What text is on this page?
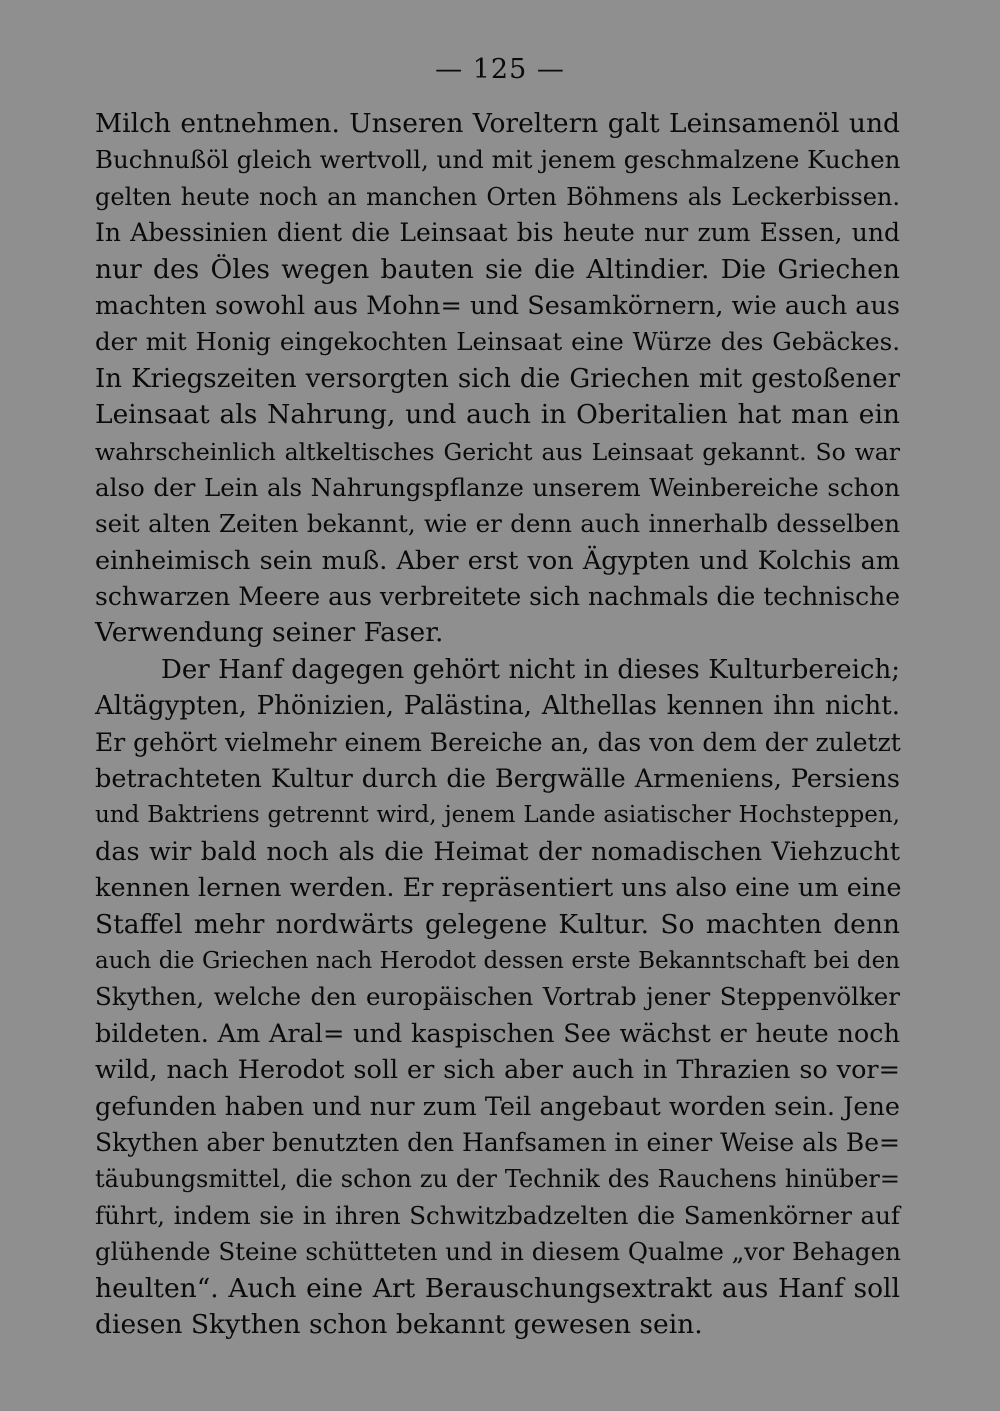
— 125 —
Milch entnehmen. Unseren Voreltern galt Leinsamenöl und
Buchnußöl gleich wertvoll, und mit jenem geschmalzene Kuchen
gelten heute noch an manchen Orten Böhmens als Leckerbissen.
In Abessinien dient die Leinsaat bis heute nur zum Essen, und
nur des Öles wegen bauten sie die Altindier. Die Griechen
machten sowohl aus Mohn= und Sesamkörnern, wie auch aus
der mit Honig eingekochten Leinsaat eine Würze des Gebäckes.
In Kriegszeiten versorgten sich die Griechen mit gestoßener
Leinsaat als Nahrung, und auch in Oberitalien hat man ein
wahrscheinlich altkeltisches Gericht aus Leinsaat gekannt. So war
also der Lein als Nahrungspflanze unserem Weinbereiche schon
seit alten Zeiten bekannt, wie er denn auch innerhalb desselben
einheimisch sein muß. Aber erst von Ägypten und Kolchis am
schwarzen Meere aus verbreitete sich nachmals die technische
Verwendung seiner Faser.
Der Hanf dagegen gehört nicht in dieses Kulturbereich;
Altägypten, Phönizien, Palästina, Althellas kennen ihn nicht.
Er gehört vielmehr einem Bereiche an, das von dem der zuletzt
betrachteten Kultur durch die Bergwälle Armeniens, Persiens
und Baktriens getrennt wird, jenem Lande asiatischer Hochsteppen,
das wir bald noch als die Heimat der nomadischen Viehzucht
kennen lernen werden. Er repräsentiert uns also eine um eine
Staffel mehr nordwärts gelegene Kultur. So machten denn
auch die Griechen nach Herodot dessen erste Bekanntschaft bei den
Skythen, welche den europäischen Vortrab jener Steppenvölker
bildeten. Am Aral= und kaspischen See wächst er heute noch
wild, nach Herodot soll er sich aber auch in Thrazien so vor=
gefunden haben und nur zum Teil angebaut worden sein. Jene
Skythen aber benutzten den Hanfsamen in einer Weise als Be=
täubungsmittel, die schon zu der Technik des Rauchens hinüber=
führt, indem sie in ihren Schwitzbadzelten die Samenkörner auf
glühende Steine schütteten und in diesem Qualme „vor Behagen
heulten“. Auch eine Art Berauschungsextrakt aus Hanf soll
diesen Skythen schon bekannt gewesen sein.
